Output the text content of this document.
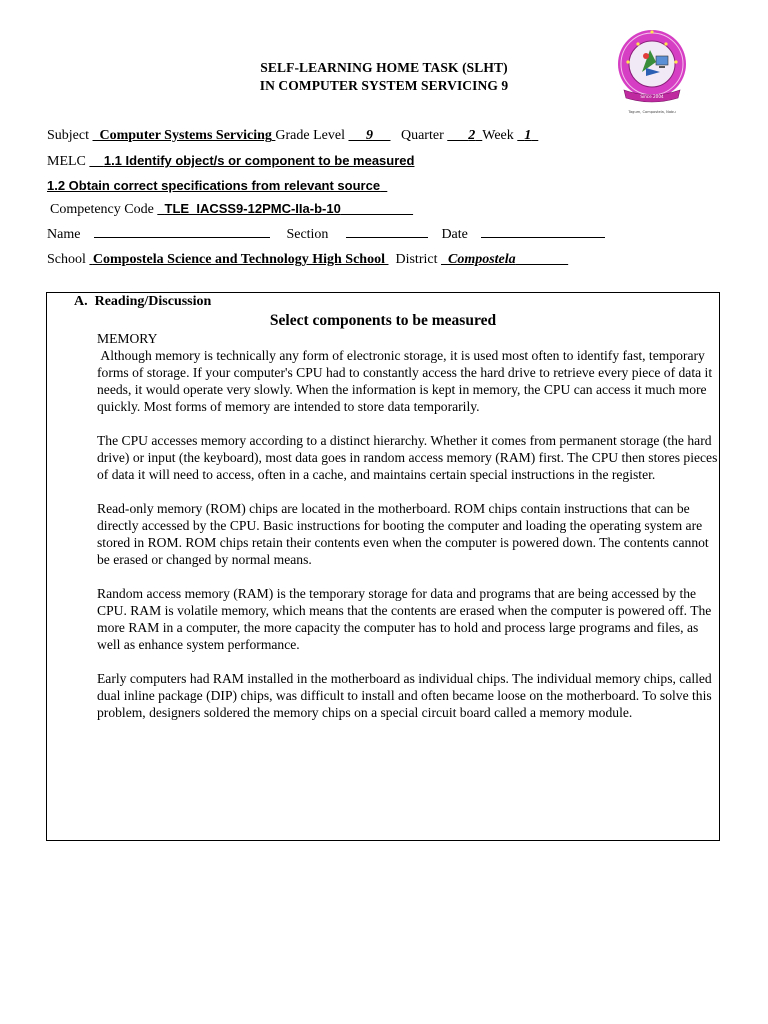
SELF-LEARNING HOME TASK (SLHT)
IN COMPUTER SYSTEM SERVICING 9
Since 2004
Tagum, Compostela, Nabu
COMPOSTELA SCIENCE AND TECHNOLOGY HIGH SCHOOL
Subject Computer Systems Servicing Grade Level 9 Quarter 2 Week 1
MELC 1.1 Identify object/s or component to be measured
1.2 Obtain correct specifications from relevant source
Competency Code TLE_IACSS9-12PMC-IIa-b-10
Name	Section	Date
School Compostela Science and Technology High School District Compostela
A.  Reading/Discussion
Select components to be measured

MEMORY

Although memory is technically any form of electronic storage, it is used most often to identify fast, temporary forms of storage. If your computer's CPU had to constantly access the hard drive to retrieve every piece of data it needs, it would operate very slowly. When the information is kept in memory, the CPU can access it much more quickly. Most forms of memory are intended to store data temporarily.

The CPU accesses memory according to a distinct hierarchy. Whether it comes from permanent storage (the hard drive) or input (the keyboard), most data goes in random access memory (RAM) first. The CPU then stores pieces of data it will need to access, often in a cache, and maintains certain special instructions in the register.

Read-only memory (ROM) chips are located in the motherboard. ROM chips contain instructions that can be directly accessed by the CPU. Basic instructions for booting the computer and loading the operating system are stored in ROM. ROM chips retain their contents even when the computer is powered down. The contents cannot be erased or changed by normal means.

Random access memory (RAM) is the temporary storage for data and programs that are being accessed by the CPU. RAM is volatile memory, which means that the contents are erased when the computer is powered off. The more RAM in a computer, the more capacity the computer has to hold and process large programs and files, as well as enhance system performance.

Early computers had RAM installed in the motherboard as individual chips. The individual memory chips, called dual inline package (DIP) chips, was difficult to install and often became loose on the motherboard. To solve this problem, designers soldered the memory chips on a special circuit board called a memory module.
